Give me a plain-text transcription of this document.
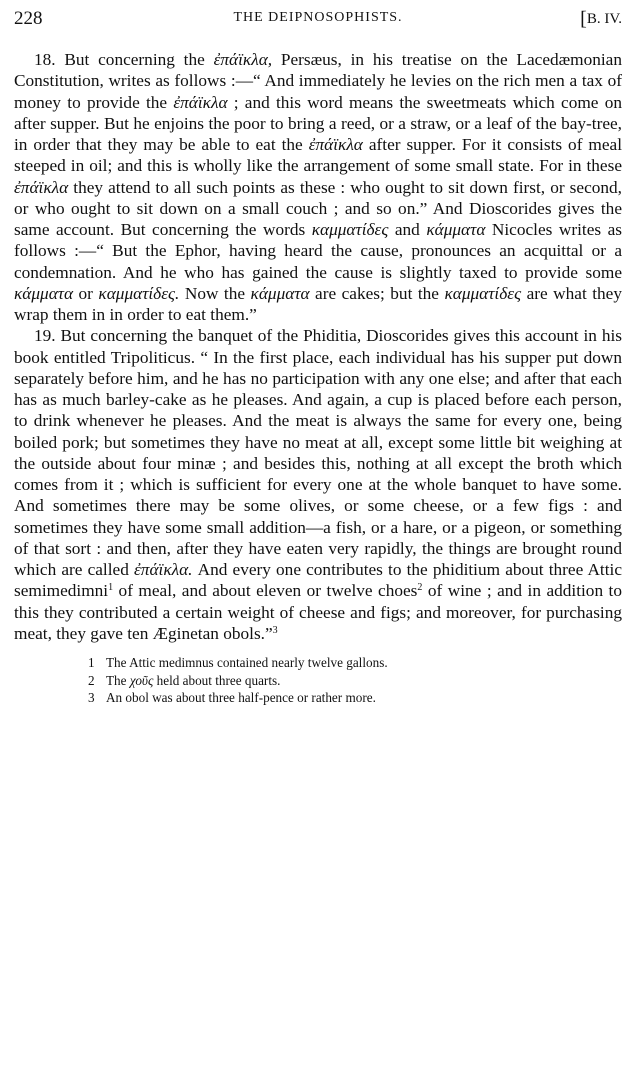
228	THE DEIPNOSOPHISTS.	[B. IV.

18. But concerning the ἐπάϊκλα, Persæus, in his treatise on the Lacedæmonian Constitution, writes as follows :—“ And immediately he levies on the rich men a tax of money to provide the ἐπάϊκλα ; and this word means the sweetmeats which come on after supper. But he enjoins the poor to bring a reed, or a straw, or a leaf of the bay-tree, in order that they may be able to eat the ἐπάϊκλα after supper. For it consists of meal steeped in oil; and this is wholly like the arrangement of some small state. For in these ἐπάϊκλα they attend to all such points as these : who ought to sit down first, or second, or who ought to sit down on a small couch ; and so on.” And Dioscorides gives the same account. But concerning the words καμματίδες and κάμματα Nicocles writes as follows :—“ But the Ephor, having heard the cause, pronounces an acquittal or a condemnation. And he who has gained the cause is slightly taxed to provide some κάμματα or καμματίδες. Now the κάμματα are cakes; but the καμματίδες are what they wrap them in in order to eat them.”

19. But concerning the banquet of the Phiditia, Dioscorides gives this account in his book entitled Tripoliticus. “ In the first place, each individual has his supper put down separately before him, and he has no participation with any one else; and after that each has as much barley-cake as he pleases. And again, a cup is placed before each person, to drink whenever he pleases. And the meat is always the same for every one, being boiled pork; but sometimes they have no meat at all, except some little bit weighing at the outside about four minæ ; and besides this, nothing at all except the broth which comes from it ; which is sufficient for every one at the whole banquet to have some. And sometimes there may be some olives, or some cheese, or a few figs : and sometimes they have some small addition—a fish, or a hare, or a pigeon, or something of that sort : and then, after they have eaten very rapidly, the things are brought round which are called ἐπάϊκλα. And every one contributes to the phiditium about three Attic semimedimni$^1$ of meal, and about eleven or twelve choes$^2$ of wine ; and in addition to this they contributed a certain weight of cheese and figs; and moreover, for purchasing meat, they gave ten Æginetan obols.”$^3$

1 The Attic medimnus contained nearly twelve gallons.

2 The χοῦς held about three quarts.

3 An obol was about three half-pence or rather more.
